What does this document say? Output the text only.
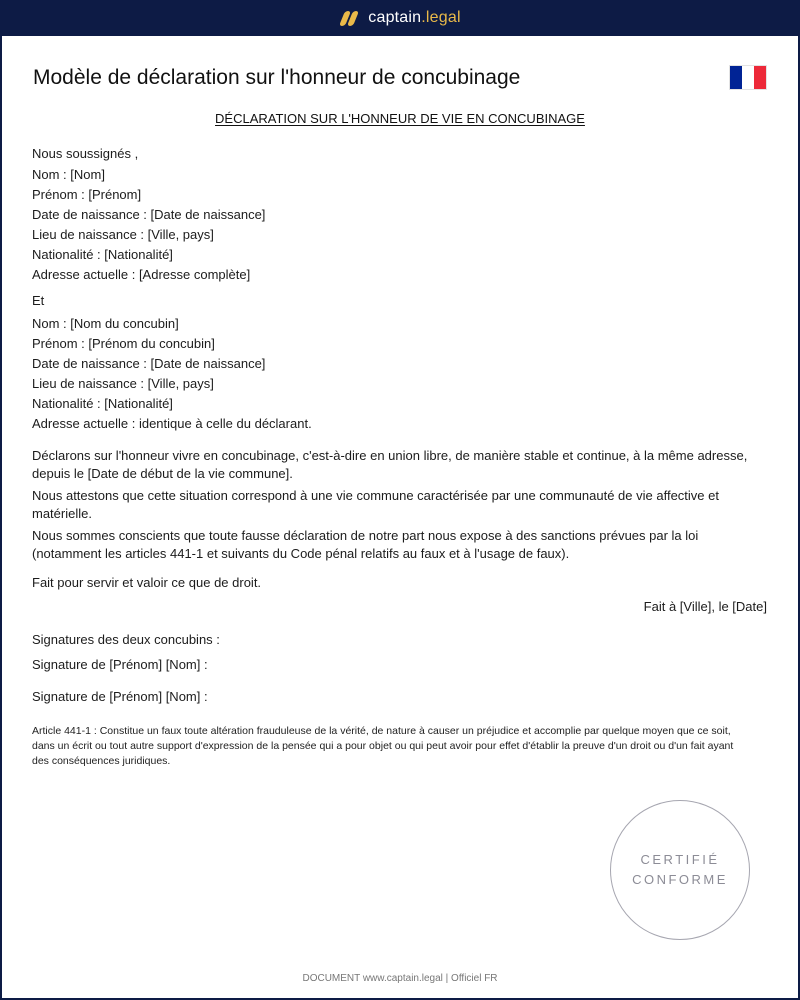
captain.legal
Modèle de déclaration sur l'honneur de concubinage
DÉCLARATION SUR L'HONNEUR DE VIE EN CONCUBINAGE
Nous soussignés ,
Nom : [Nom]
Prénom : [Prénom]
Date de naissance : [Date de naissance]
Lieu de naissance : [Ville, pays]
Nationalité : [Nationalité]
Adresse actuelle : [Adresse complète]
Et
Nom : [Nom du concubin]
Prénom : [Prénom du concubin]
Date de naissance : [Date de naissance]
Lieu de naissance : [Ville, pays]
Nationalité : [Nationalité]
Adresse actuelle : identique à celle du déclarant.

Déclarons sur l'honneur vivre en concubinage, c'est-à-dire en union libre, de manière stable et continue, à la même adresse, depuis le [Date de début de la vie commune].

Nous attestons que cette situation correspond à une vie commune caractérisée par une communauté de vie affective et matérielle.

Nous sommes conscients que toute fausse déclaration de notre part nous expose à des sanctions prévues par la loi (notamment les articles 441-1 et suivants du Code pénal relatifs au faux et à l'usage de faux).

Fait pour servir et valoir ce que de droit.

Fait à [Ville], le [Date]
Signatures des deux concubins :
Signature de [Prénom] [Nom] :
Signature de [Prénom] [Nom] :

Article 441-1 : Constitue un faux toute altération frauduleuse de la vérité, de nature à causer un préjudice et accomplie par quelque moyen que ce soit, dans un écrit ou tout autre support d'expression de la pensée qui a pour objet ou qui peut avoir pour effet d'établir la preuve d'un droit ou d'un fait ayant des conséquences juridiques.

CERTIFIÉ
CONFORME
DOCUMENT www.captain.legal | Officiel FR
